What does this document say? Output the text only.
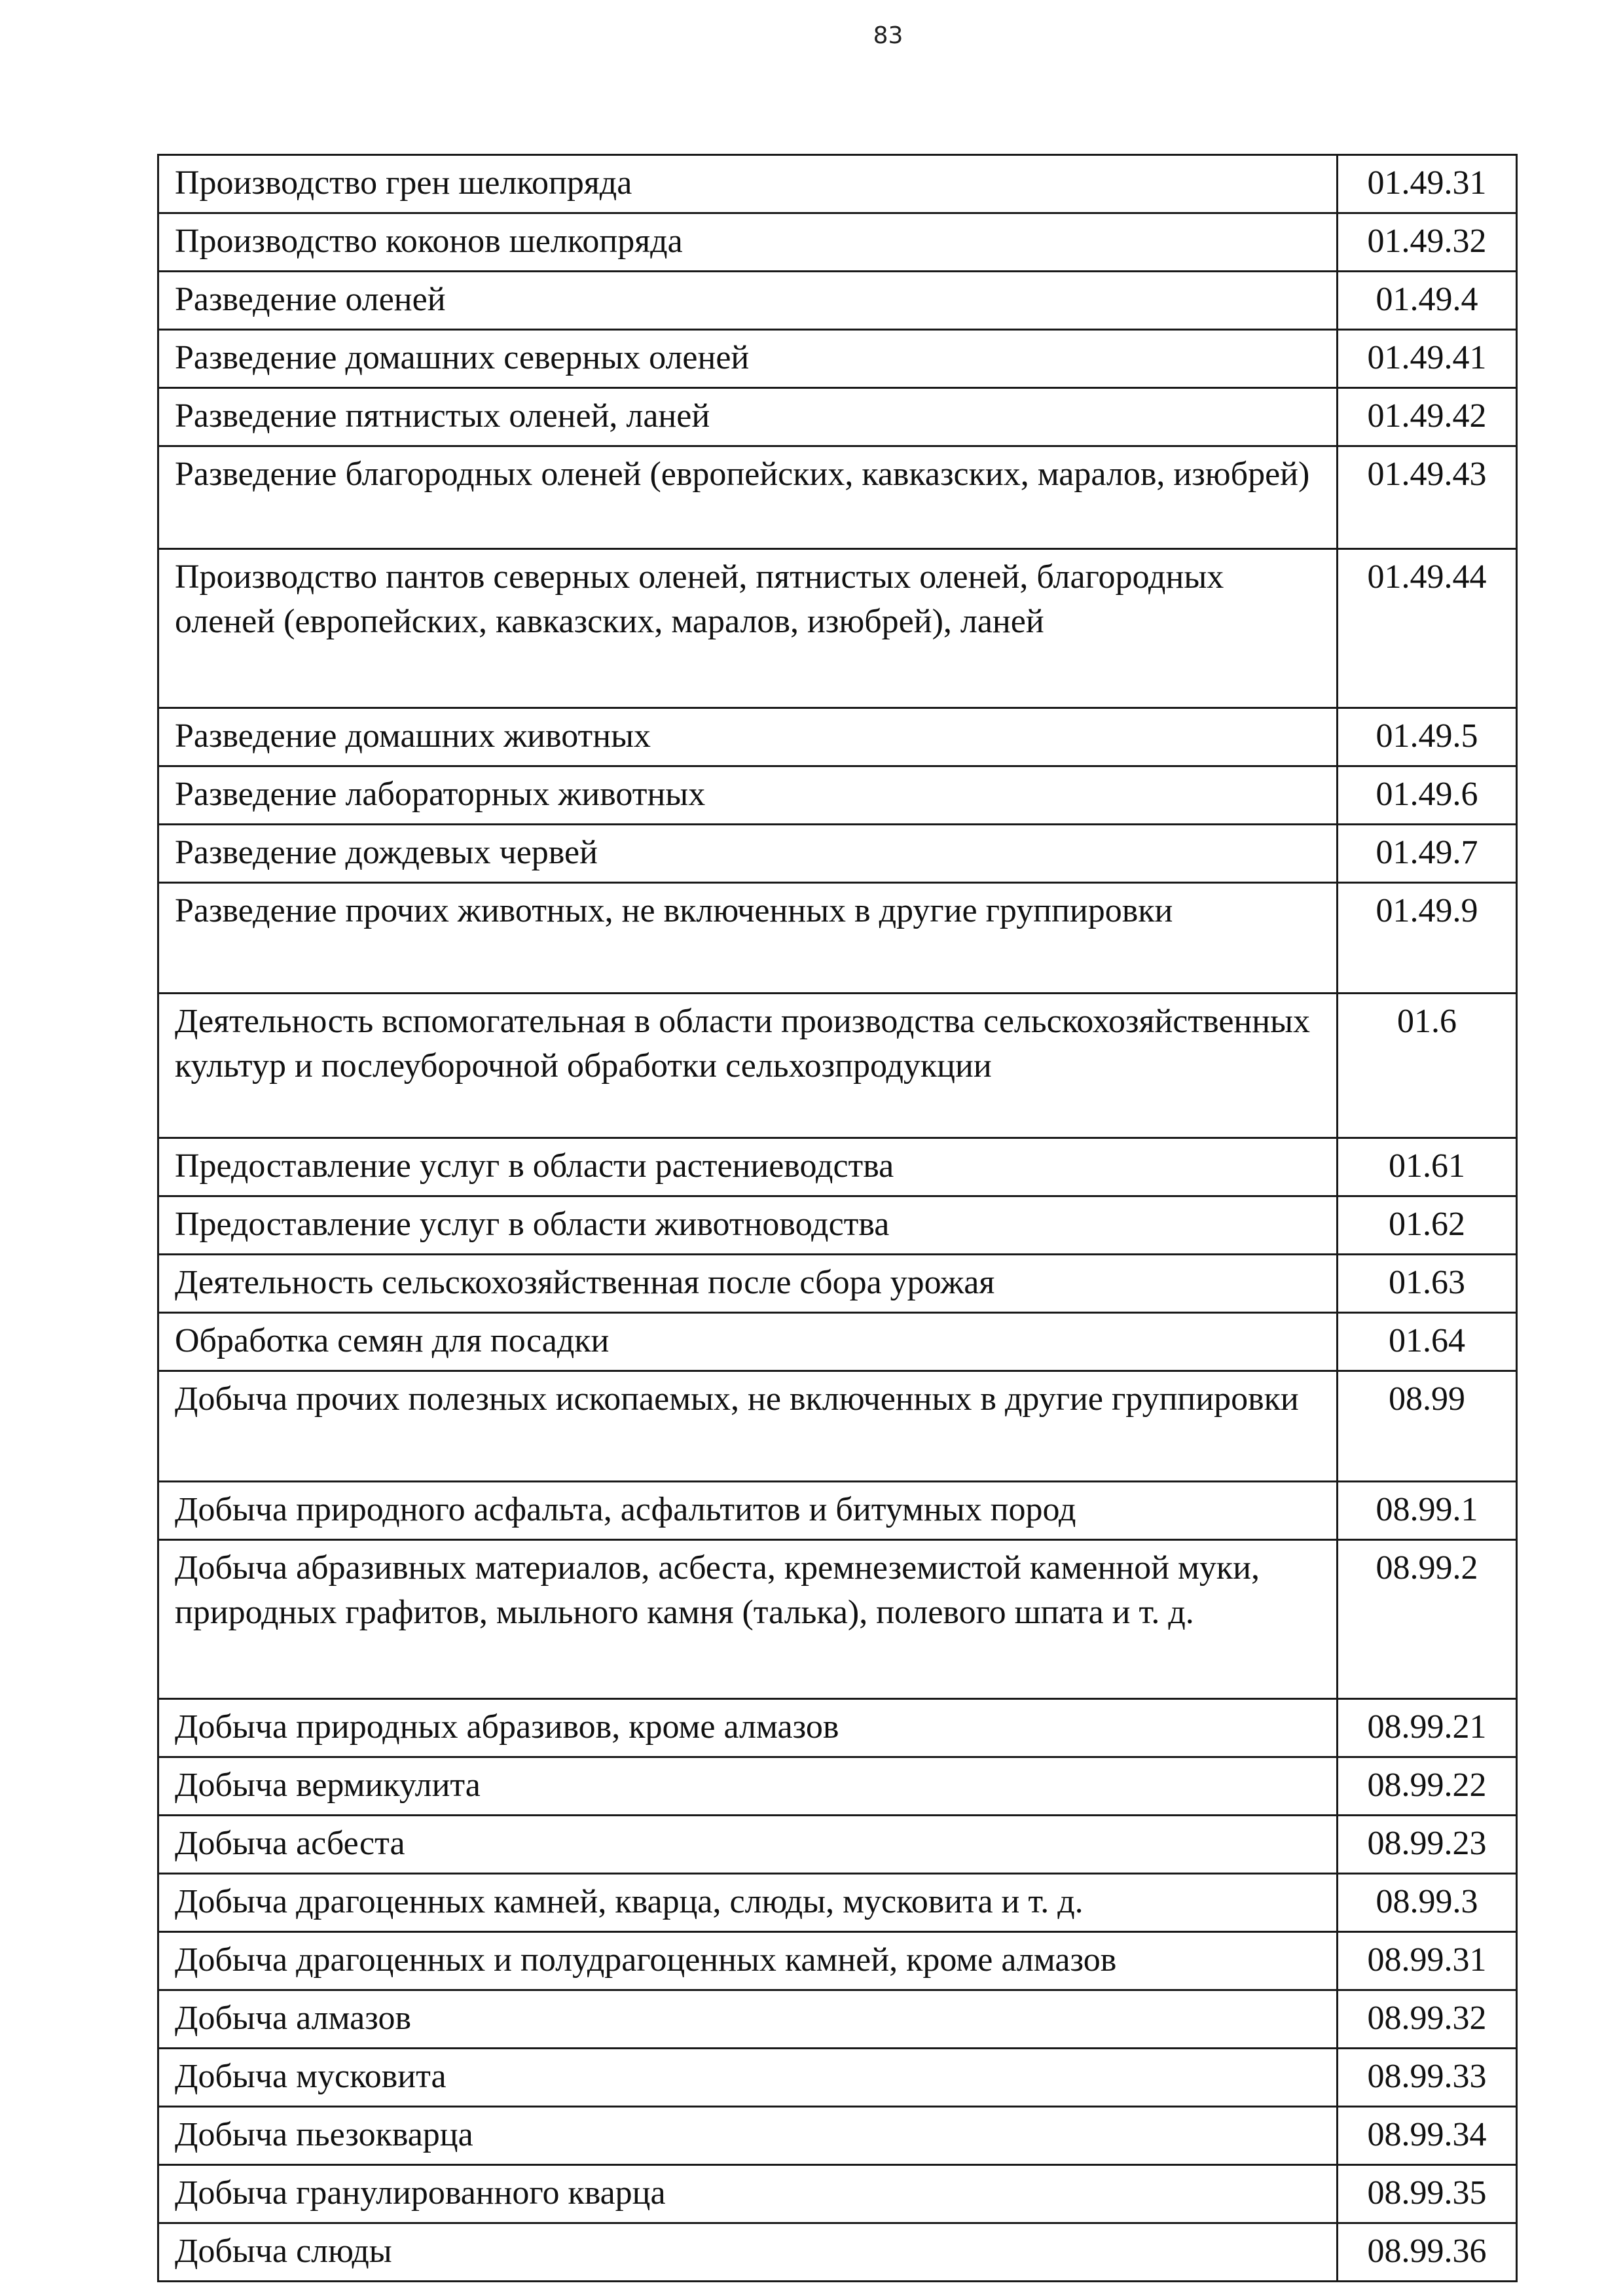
83
Производство грен шелкопряда	01.49.31
Производство коконов шелкопряда	01.49.32
Разведение оленей	01.49.4
Разведение домашних северных оленей	01.49.41
Разведение пятнистых оленей, ланей	01.49.42
Разведение благородных оленей (европейских, кавказских, маралов, изюбрей)	01.49.43
Производство пантов северных оленей, пятнистых оленей, благородных оленей (европейских, кавказских, маралов, изюбрей), ланей	01.49.44
Разведение домашних животных	01.49.5
Разведение лабораторных животных	01.49.6
Разведение дождевых червей	01.49.7
Разведение прочих животных, не включенных в другие группировки	01.49.9
Деятельность вспомогательная в области производства сельскохозяйственных культур и послеуборочной обработки сельхозпродукции	01.6
Предоставление услуг в области растениеводства	01.61
Предоставление услуг в области животноводства	01.62
Деятельность сельскохозяйственная после сбора урожая	01.63
Обработка семян для посадки	01.64
Добыча прочих полезных ископаемых, не включенных в другие группировки	08.99
Добыча природного асфальта, асфальтитов и битумных пород	08.99.1
Добыча абразивных материалов, асбеста, кремнеземистой каменной муки, природных графитов, мыльного камня (талька), полевого шпата и т. д.	08.99.2
Добыча природных абразивов, кроме алмазов	08.99.21
Добыча вермикулита	08.99.22
Добыча асбеста	08.99.23
Добыча драгоценных камней, кварца, слюды, мусковита и т. д.	08.99.3
Добыча драгоценных и полудрагоценных камней, кроме алмазов	08.99.31
Добыча алмазов	08.99.32
Добыча мусковита	08.99.33
Добыча пьезокварца	08.99.34
Добыча гранулированного кварца	08.99.35
Добыча слюды	08.99.36
